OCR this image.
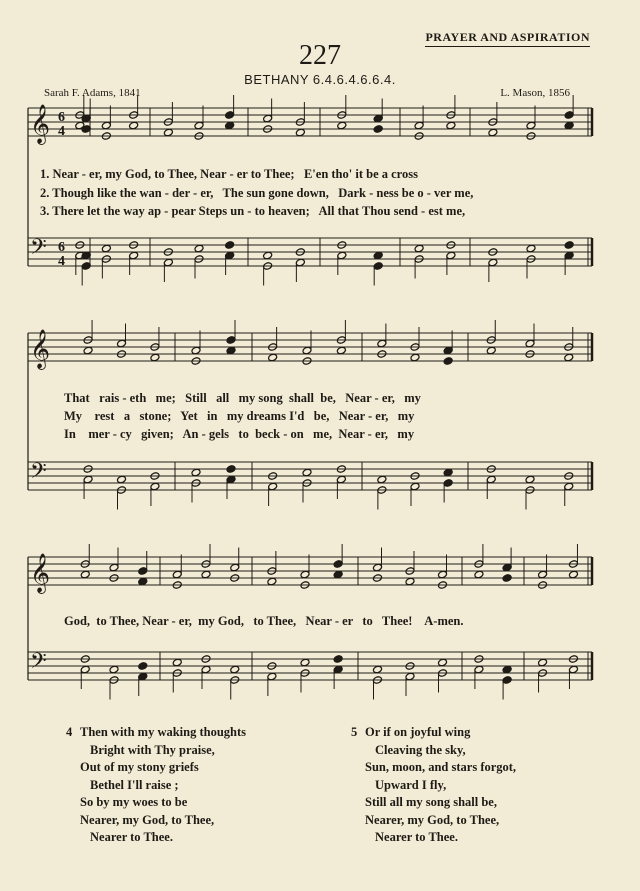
PRAYER AND ASPIRATION
227
BETHANY 6.4.6.4.6.6.4.
Sarah F. Adams, 1841	L. Mason, 1856
𝄞
𝄢
6
4
6
4
𝄞
𝄢
𝄞
𝄢
1. Near - er, my God, to Thee, Near - er to Thee;   E'en tho' it be a cross
2. Though like the wan - der - er,   The sun gone down,   Dark - ness be o - ver me,
3. There let the way ap - pear Steps un - to heaven;   All that Thou send - est me,
That   rais - eth   me;   Still   all   my song  shall  be,   Near - er,   my
My    rest   a   stone;   Yet   in   my dreams I'd   be,   Near - er,   my
In    mer - cy   given;   An - gels   to  beck - on   me,  Near - er,   my
God,  to Thee, Near - er,  my God,   to Thee,   Near - er   to   Thee!    A-men.
4 Then with my waking thoughts
Bright with Thy praise,
Out of my stony griefs
Bethel I'll raise ;
So by my woes to be
Nearer, my God, to Thee,
Nearer to Thee.
5 Or if on joyful wing
Cleaving the sky,
Sun, moon, and stars forgot,
Upward I fly,
Still all my song shall be,
Nearer, my God, to Thee,
Nearer to Thee.
